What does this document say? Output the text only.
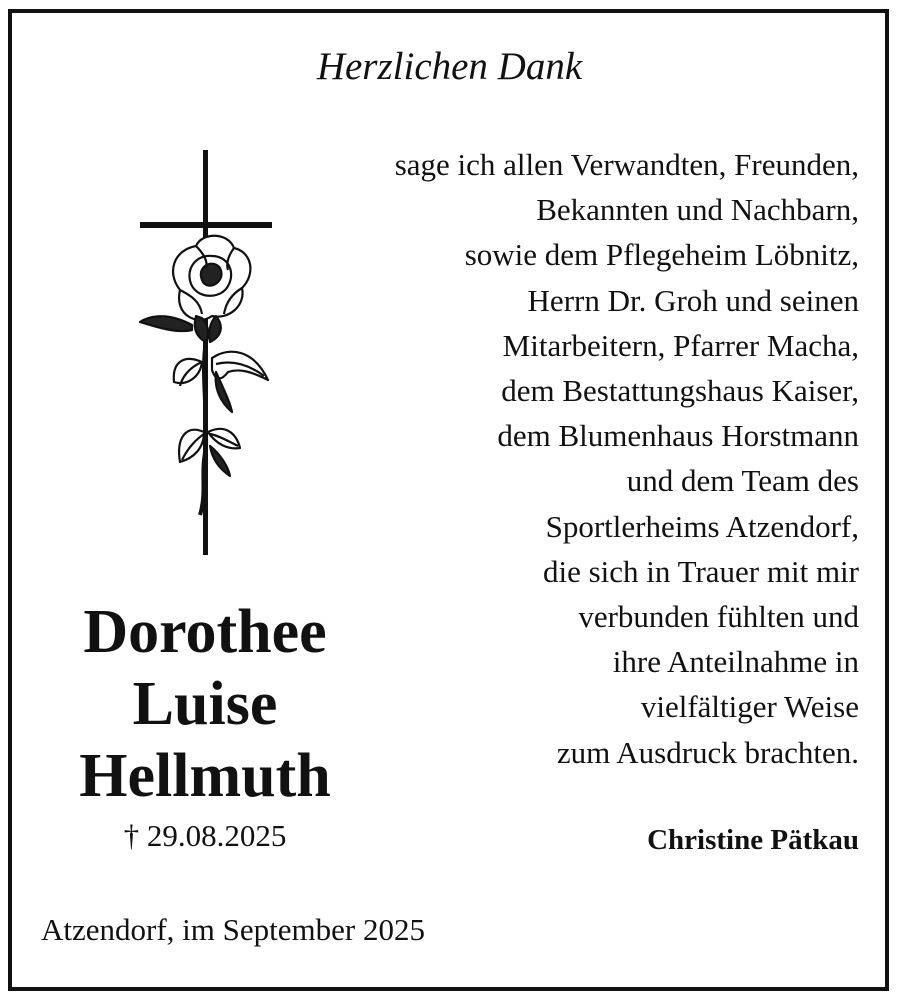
Herzlichen Dank
Dorothee
Luise
Hellmuth
† 29.08.2025
Atzendorf, im September 2025
sage ich allen Verwandten, Freunden,
Bekannten und Nachbarn,
sowie dem Pflegeheim Löbnitz,
Herrn Dr. Groh und seinen
Mitarbeitern, Pfarrer Macha,
dem Bestattungshaus Kaiser,
dem Blumenhaus Horstmann
und dem Team des
Sportlerheims Atzendorf,
die sich in Trauer mit mir
verbunden fühlten und
ihre Anteilnahme in
vielfältiger Weise
zum Ausdruck brachten.
Christine Pätkau
